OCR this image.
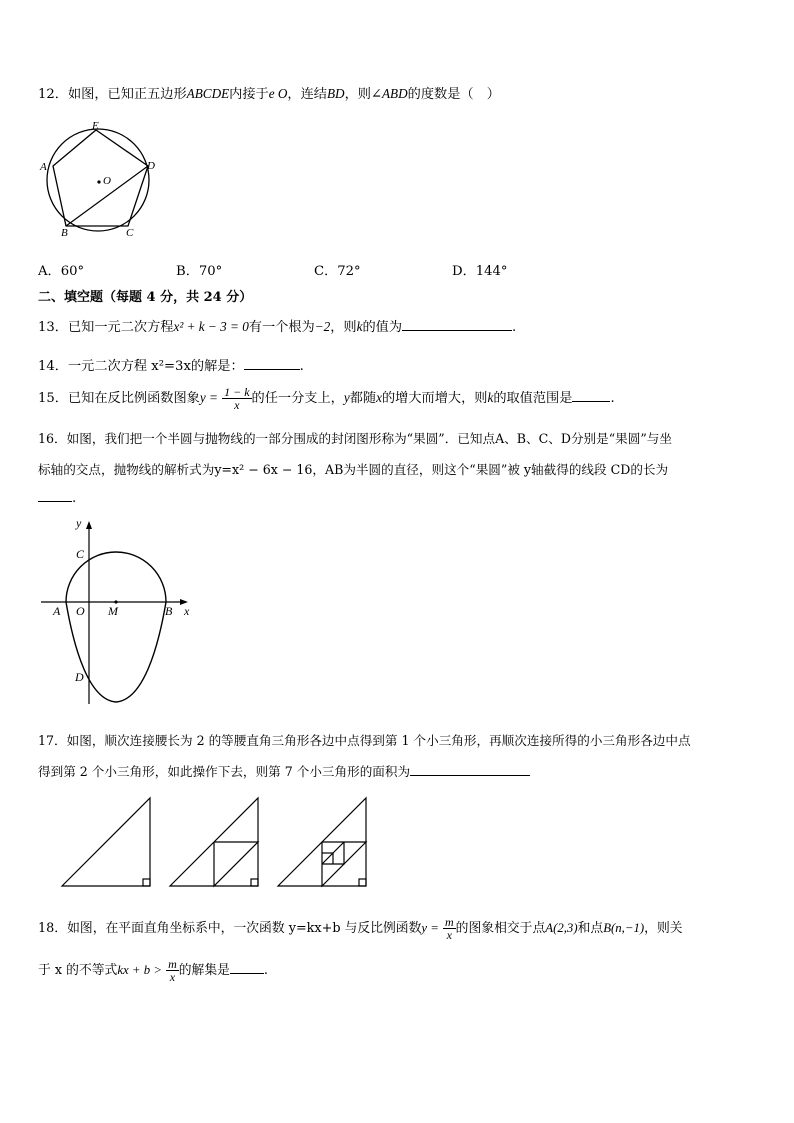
12．如图，已知正五边形ABCDE内接于e O，连结BD，则∠ABD的度数是（　）
E
A	D
O
B	C
A．60°	B．70°	C．72°	D．144°
二、填空题（每题 4 分，共 24 分）
13．已知一元二次方程x² + k − 3 = 0有一个根为−2，则k的值为	.
14．一元二次方程 x²=3x的解是：	.
15．已知在反比例函数图象$y = \frac{1 - k}{x}$ 的任一分支上，y都随x的增大而增大，则k的取值范围是	.
16．如图，我们把一个半圆与抛物线的一部分围成的封闭图形称为“果圆”．已知点A、B、C、D分别是“果圆”与坐
标轴的交点，抛物线的解析式为y=x² − 6x − 16，AB为半圆的直径，则这个“果圆”被 y轴截得的线段 CD的长为
.
y
C
A O M	B x
D
17．如图，顺次连接腰长为 2 的等腰直角三角形各边中点得到第 1 个小三角形，再顺次连接所得的小三角形各边中点
得到第 2 个小三角形，如此操作下去，则第 7 个小三角形的面积为
18．如图，在平面直角坐标系中，一次函数 y=kx+b 与反比例函数$y = \frac{m}{x}$ 的图象相交于点A(2,3)和点B(n,−1)，则关
于 x 的不等式kx + $b > \frac{m}{x}$ 的解集是	.
